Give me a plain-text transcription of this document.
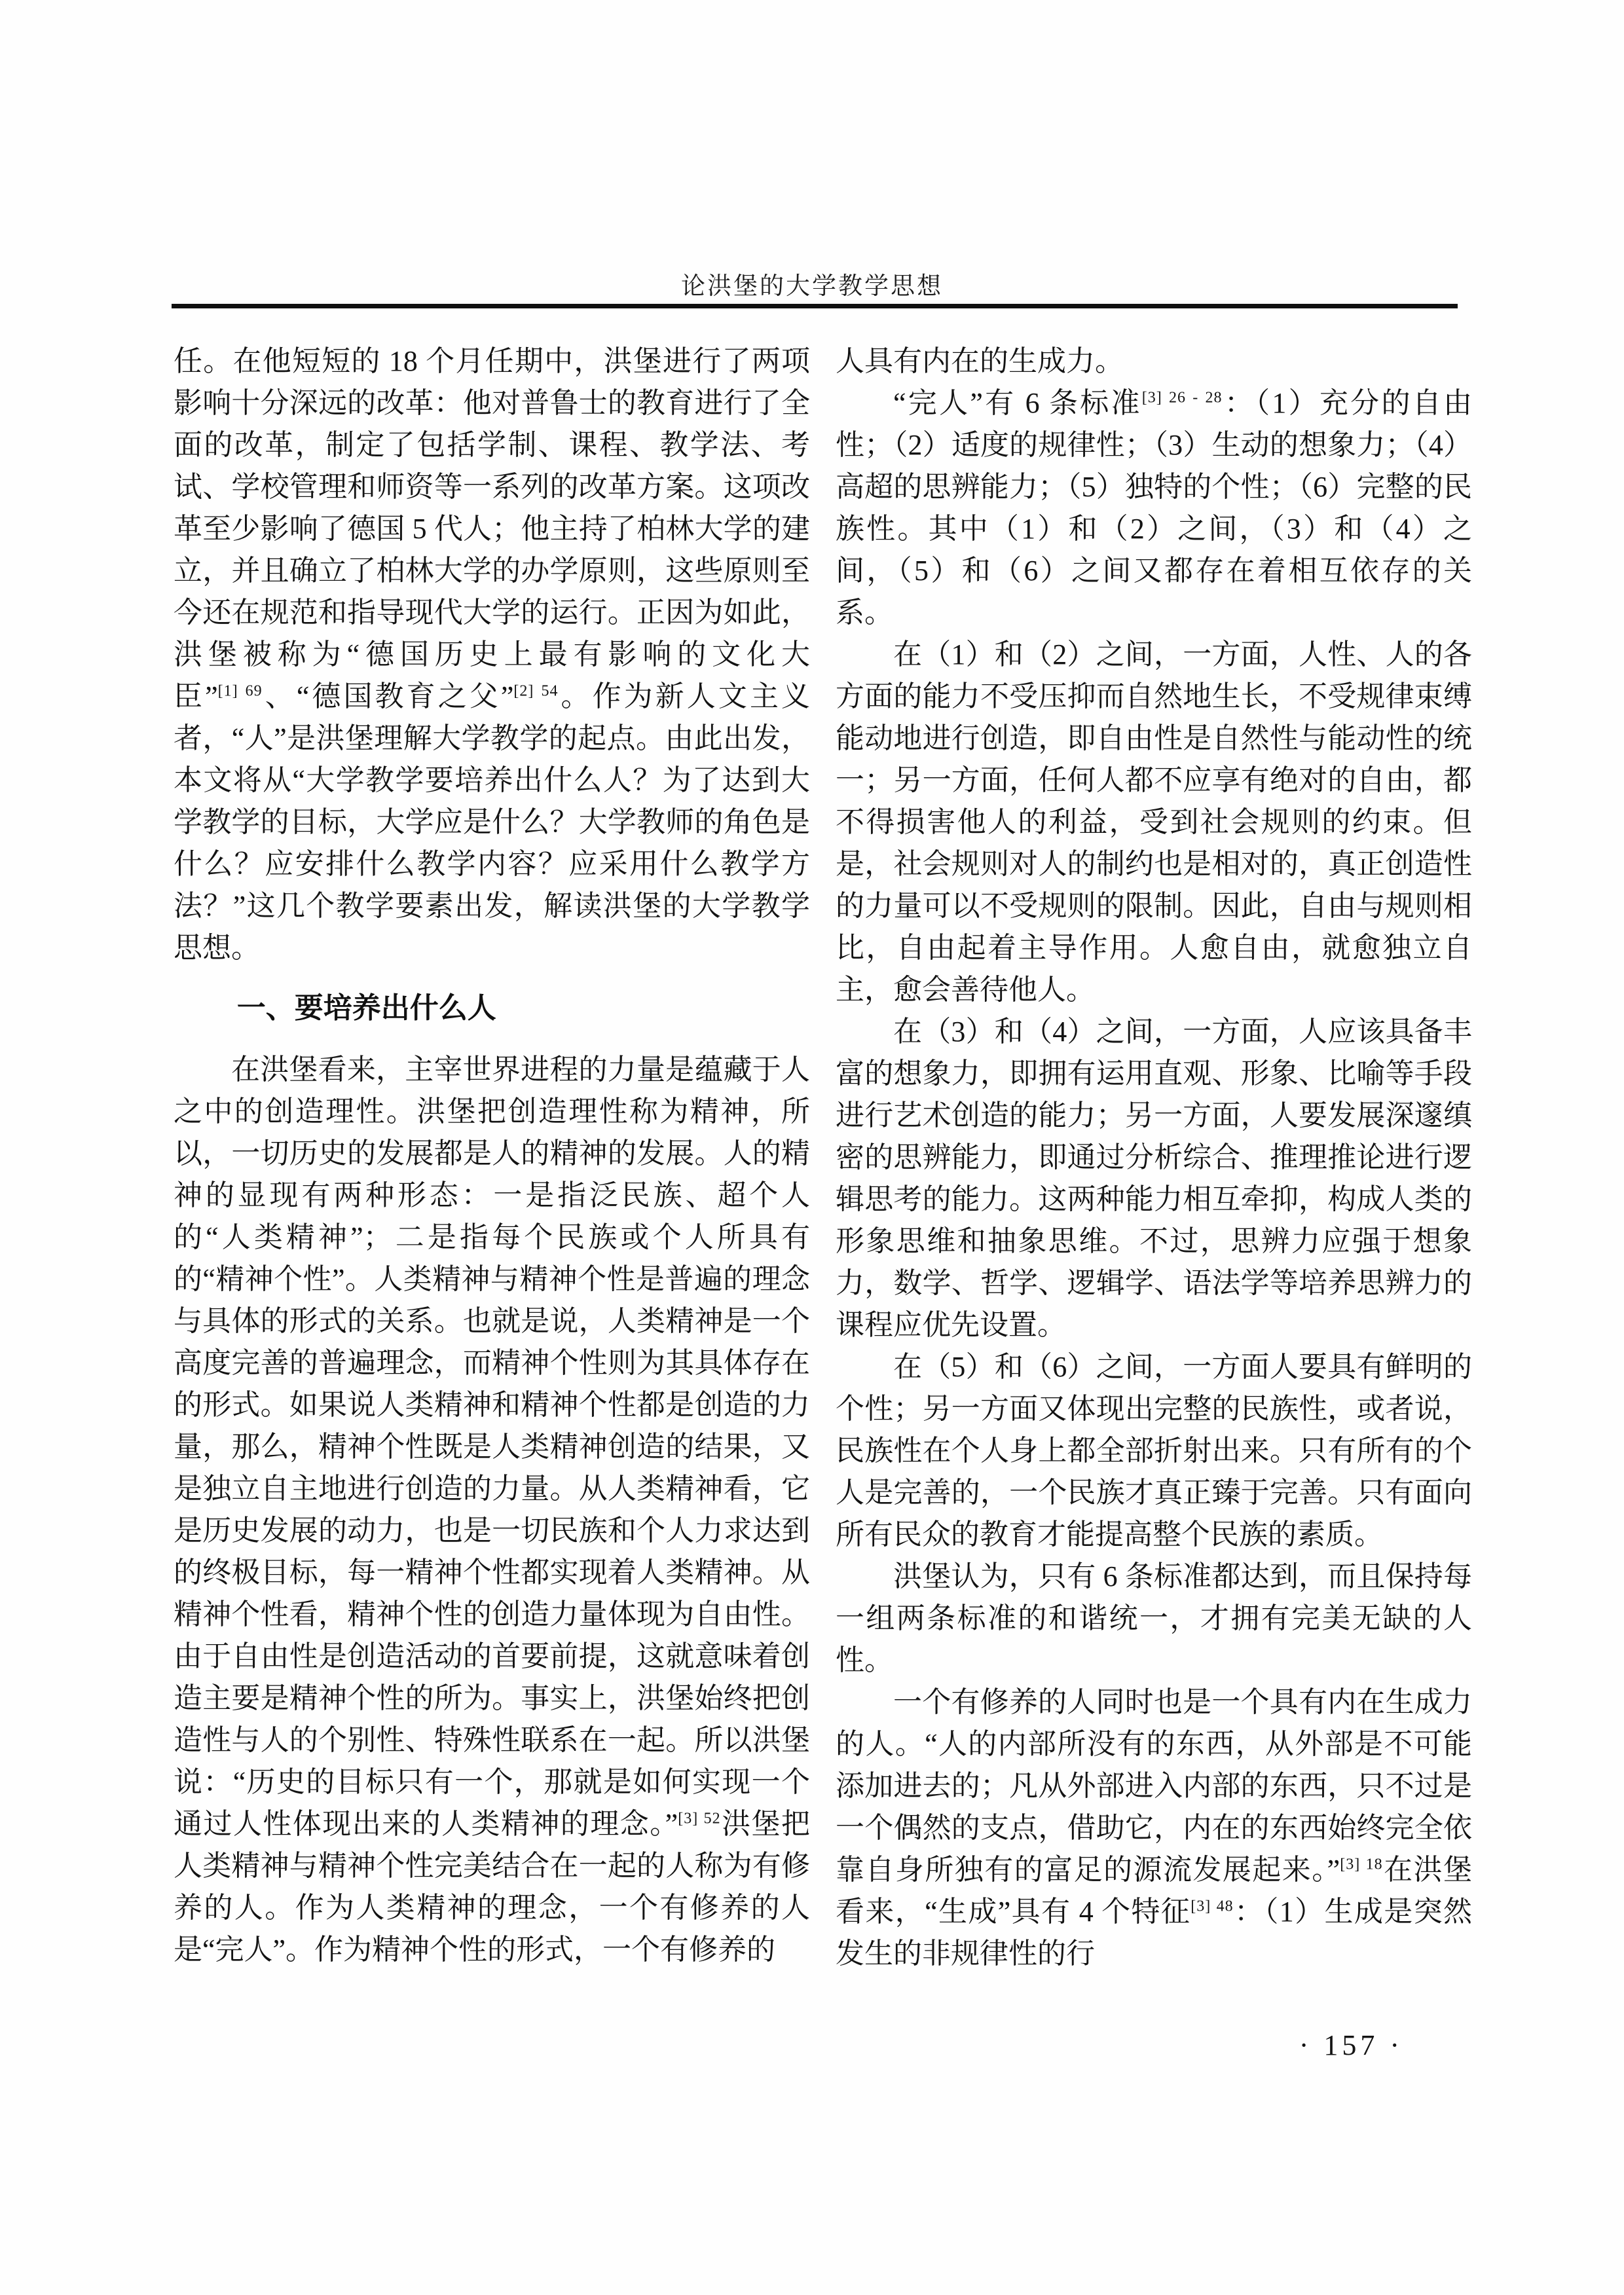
论洪堡的大学教学思想

任。在他短短的 18 个月任期中，洪堡进行了两项影响十分深远的改革：他对普鲁士的教育进行了全面的改革，制定了包括学制、课程、教学法、考试、学校管理和师资等一系列的改革方案。这项改革至少影响了德国 5 代人；他主持了柏林大学的建立，并且确立了柏林大学的办学原则，这些原则至今还在规范和指导现代大学的运行。正因为如此，洪堡被称为“德国历史上最有影响的文化大臣”$^{[1] 69}$、“德国教育之父”$^{[2] 54}$。作为新人文主义者，“人”是洪堡理解大学教学的起点。由此出发，本文将从“大学教学要培养出什么人？为了达到大学教学的目标，大学应是什么？大学教师的角色是什么？应安排什么教学内容？应采用什么教学方法？”这几个教学要素出发，解读洪堡的大学教学思想。

一、要培养出什么人

在洪堡看来，主宰世界进程的力量是蕴藏于人之中的创造理性。洪堡把创造理性称为精神，所以，一切历史的发展都是人的精神的发展。人的精神的显现有两种形态：一是指泛民族、超个人的“人类精神”；二是指每个民族或个人所具有的“精神个性”。人类精神与精神个性是普遍的理念与具体的形式的关系。也就是说，人类精神是一个高度完善的普遍理念，而精神个性则为其具体存在的形式。如果说人类精神和精神个性都是创造的力量，那么，精神个性既是人类精神创造的结果，又是独立自主地进行创造的力量。从人类精神看，它是历史发展的动力，也是一切民族和个人力求达到的终极目标，每一精神个性都实现着人类精神。从精神个性看，精神个性的创造力量体现为自由性。由于自由性是创造活动的首要前提，这就意味着创造主要是精神个性的所为。事实上，洪堡始终把创造性与人的个别性、特殊性联系在一起。所以洪堡说：“历史的目标只有一个，那就是如何实现一个通过人性体现出来的人类精神的理念。”$^{[3] 52}$洪堡把人类精神与精神个性完美结合在一起的人称为有修养的人。作为人类精神的理念，一个有修养的人是“完人”。作为精神个性的形式，一个有修养的

人具有内在的生成力。

“完人”有 6 条标准$^{[3] 26 - 28}$：（1）充分的自由性；（2）适度的规律性；（3）生动的想象力；（4）高超的思辨能力；（5）独特的个性；（6）完整的民族性。其中（1）和（2）之间，（3）和（4）之间，（5）和（6）之间又都存在着相互依存的关系。

在（1）和（2）之间，一方面，人性、人的各方面的能力不受压抑而自然地生长，不受规律束缚能动地进行创造，即自由性是自然性与能动性的统一；另一方面，任何人都不应享有绝对的自由，都不得损害他人的利益，受到社会规则的约束。但是，社会规则对人的制约也是相对的，真正创造性的力量可以不受规则的限制。因此，自由与规则相比，自由起着主导作用。人愈自由，就愈独立自主，愈会善待他人。

在（3）和（4）之间，一方面，人应该具备丰富的想象力，即拥有运用直观、形象、比喻等手段进行艺术创造的能力；另一方面，人要发展深邃缜密的思辨能力，即通过分析综合、推理推论进行逻辑思考的能力。这两种能力相互牵抑，构成人类的形象思维和抽象思维。不过，思辨力应强于想象力，数学、哲学、逻辑学、语法学等培养思辨力的课程应优先设置。

在（5）和（6）之间，一方面人要具有鲜明的个性；另一方面又体现出完整的民族性，或者说，民族性在个人身上都全部折射出来。只有所有的个人是完善的，一个民族才真正臻于完善。只有面向所有民众的教育才能提高整个民族的素质。

洪堡认为，只有 6 条标准都达到，而且保持每一组两条标准的和谐统一，才拥有完美无缺的人性。

一个有修养的人同时也是一个具有内在生成力的人。“人的内部所没有的东西，从外部是不可能添加进去的；凡从外部进入内部的东西，只不过是一个偶然的支点，借助它，内在的东西始终完全依靠自身所独有的富足的源流发展起来。”$^{[3] 18}$在洪堡看来，“生成”具有 4 个特征$^{[3] 48}$：（1）生成是突然发生的非规律性的行

· 157 ·
